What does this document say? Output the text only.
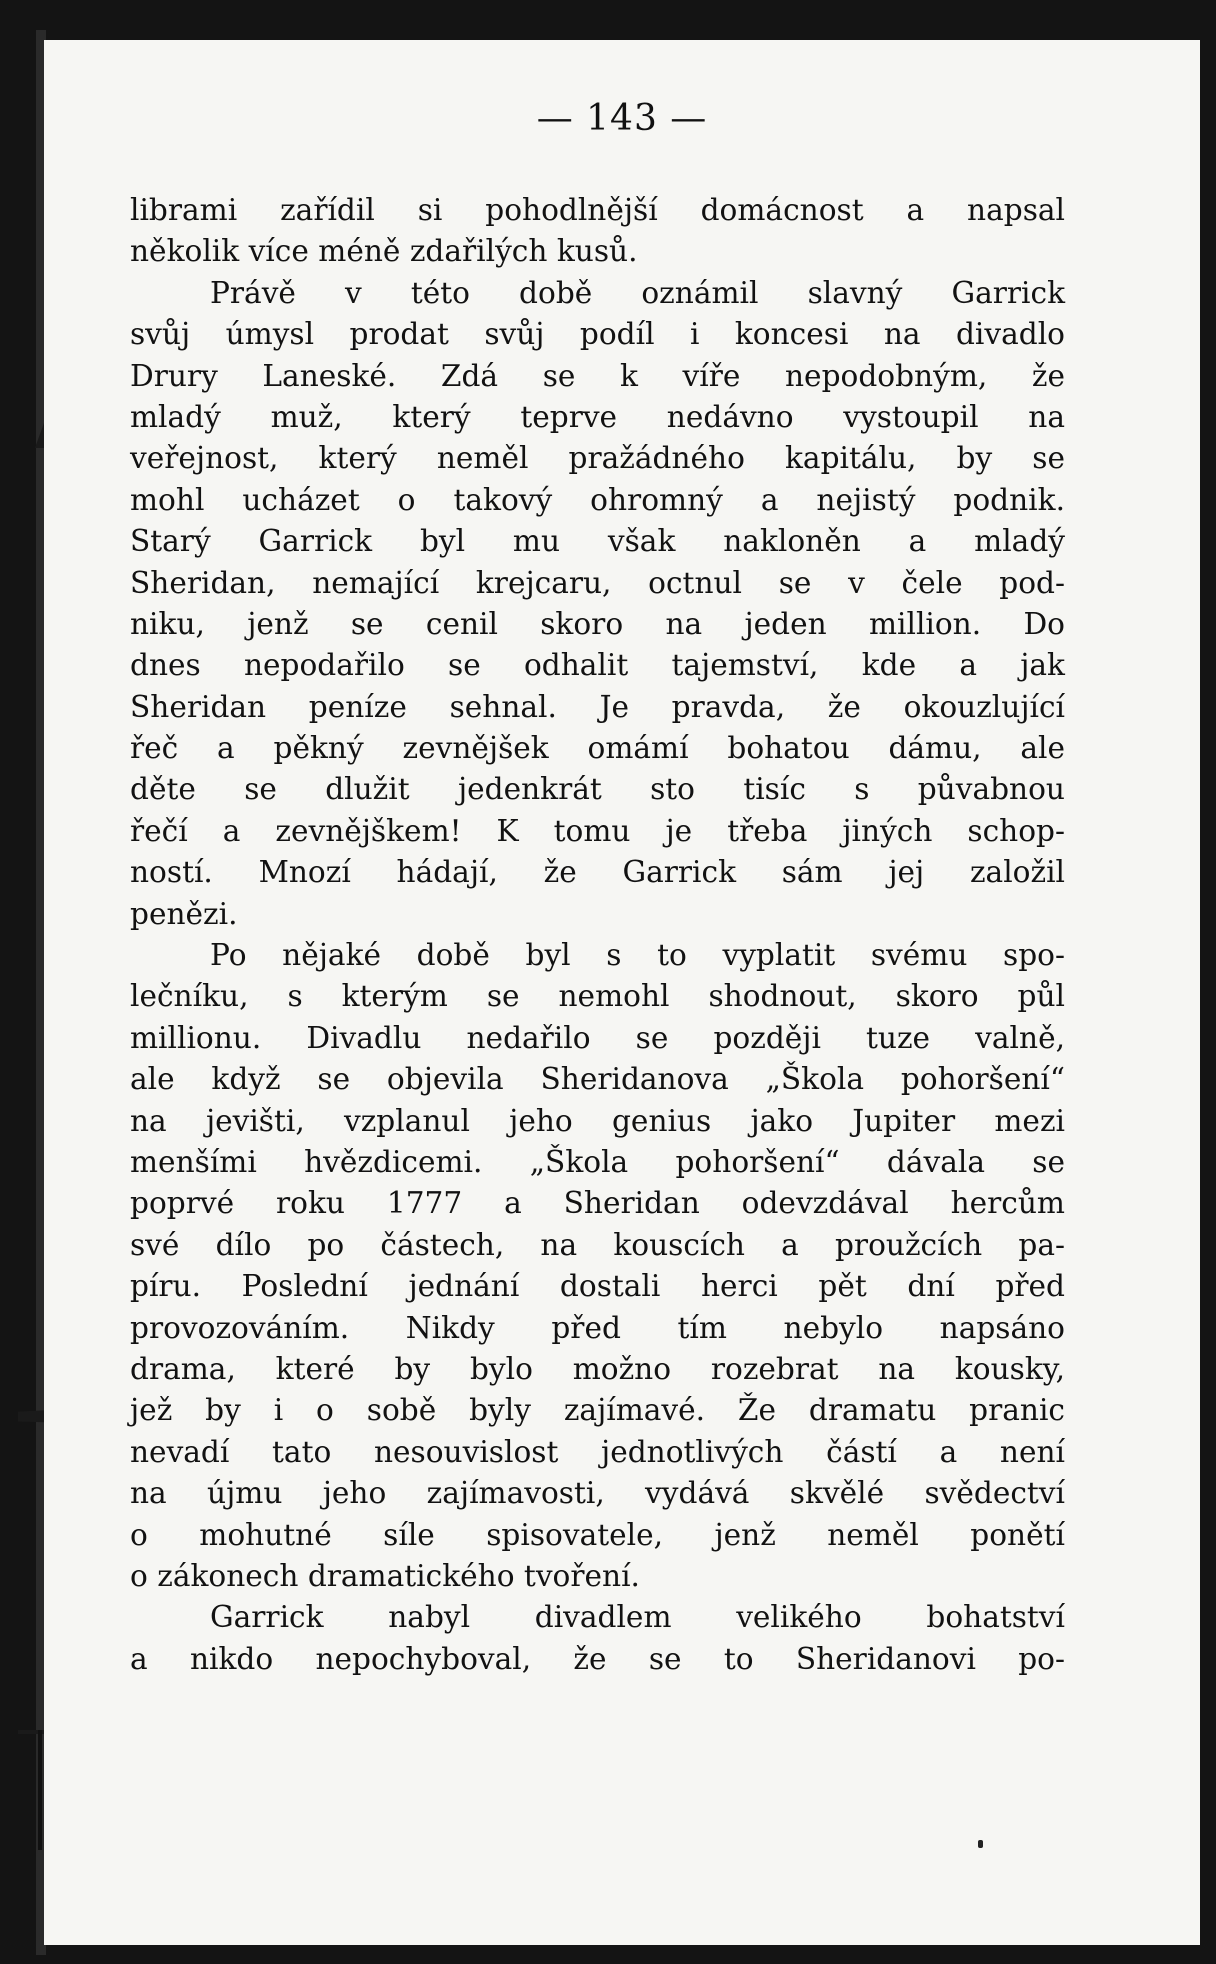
— 143 —
librami zařídil si pohodlnější domácnost a napsal
několik více méně zdařilých kusů.
Právě v této době oznámil slavný Garrick
svůj úmysl prodat svůj podíl i koncesi na divadlo
Drury Laneské. Zdá se k víře nepodobným, že
mladý muž, který teprve nedávno vystoupil na
veřejnost, který neměl pražádného kapitálu, by se
mohl ucházet o takový ohromný a nejistý podnik.
Starý Garrick byl mu však nakloněn a mladý
Sheridan, nemající krejcaru, octnul se v čele pod-
niku, jenž se cenil skoro na jeden million. Do
dnes nepodařilo se odhalit tajemství, kde a jak
Sheridan peníze sehnal. Je pravda, že okouzlující
řeč a pěkný zevnějšek omámí bohatou dámu, ale
děte se dlužit jedenkrát sto tisíc s půvabnou
řečí a zevnějškem! K tomu je třeba jiných schop-
ností. Mnozí hádají, že Garrick sám jej založil
penězi.
Po nějaké době byl s to vyplatit svému spo-
lečníku, s kterým se nemohl shodnout, skoro půl
millionu. Divadlu nedařilo se později tuze valně,
ale když se objevila Sheridanova „Škola pohoršení“
na jevišti, vzplanul jeho genius jako Jupiter mezi
menšími hvězdicemi. „Škola pohoršení“ dávala se
poprvé roku 1777 a Sheridan odevzdával hercům
své dílo po částech, na kouscích a proužcích pa-
píru. Poslední jednání dostali herci pět dní před
provozováním. Nikdy před tím nebylo napsáno
drama, které by bylo možno rozebrat na kousky,
jež by i o sobě byly zajímavé. Že dramatu pranic
nevadí tato nesouvislost jednotlivých částí a není
na újmu jeho zajímavosti, vydává skvělé svědectví
o mohutné síle spisovatele, jenž neměl ponětí
o zákonech dramatického tvoření.
Garrick nabyl divadlem velikého bohatství
a nikdo nepochyboval, že se to Sheridanovi po-
